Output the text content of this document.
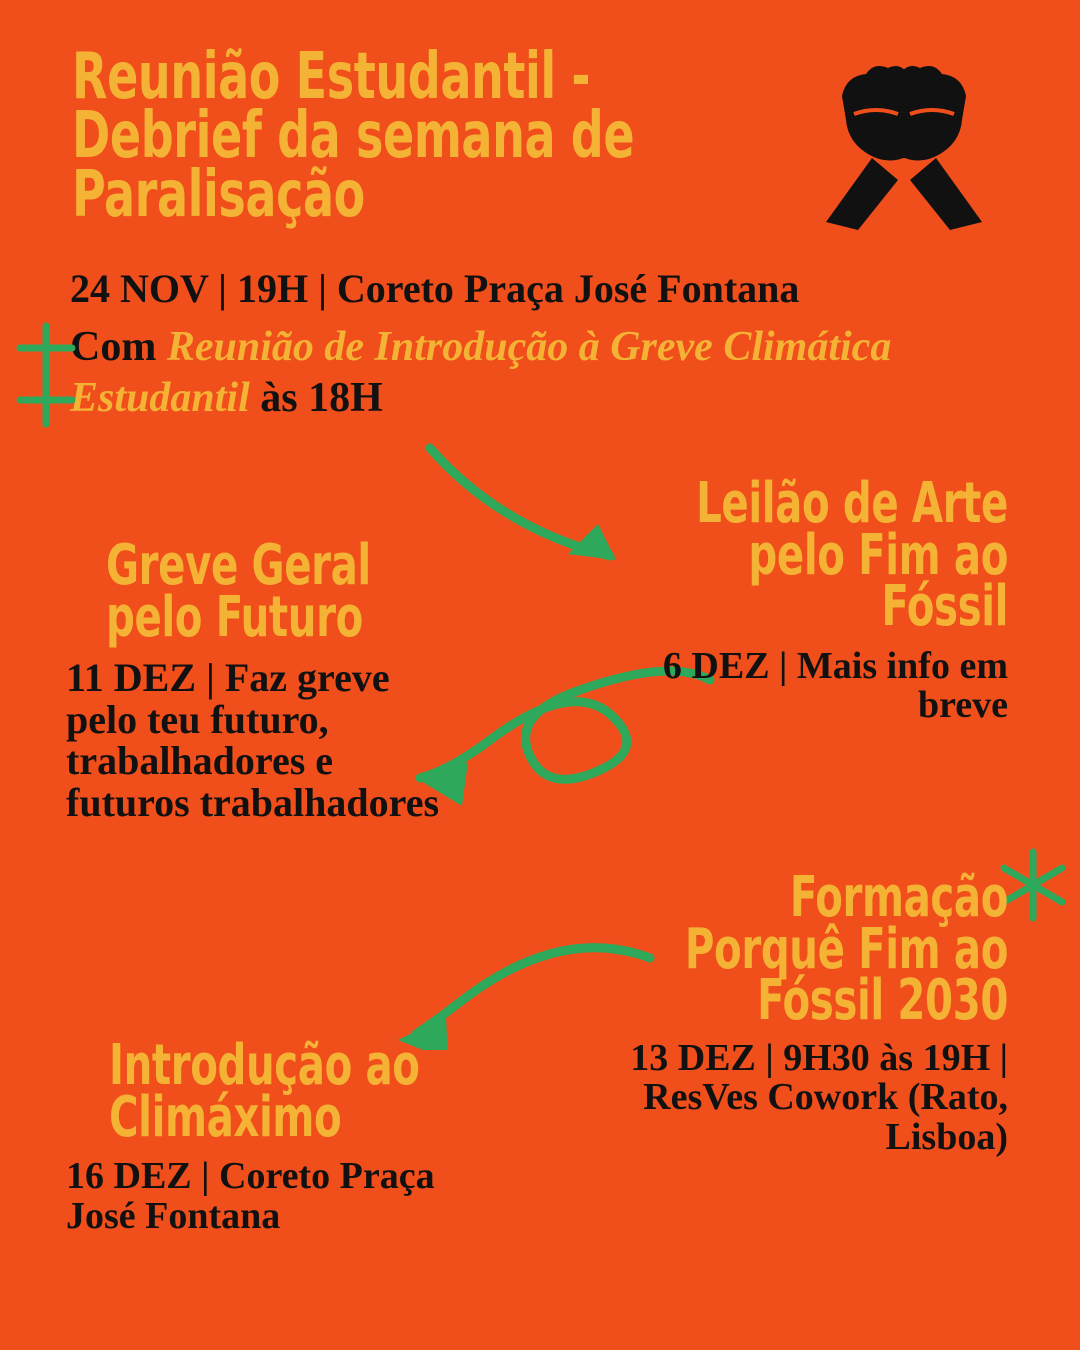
Reunião Estudantil - Debrief da semana de Paralisação
24 NOV | 19H | Coreto Praça José Fontana
Com Reunião de Introdução à Greve Climática Estudantil às 18H
Greve Geral pelo Futuro
11 DEZ | Faz greve pelo teu futuro, trabalhadores e futuros trabalhadores
Leilão de Arte pelo Fim ao Fóssil
6 DEZ | Mais info em breve
Formação Porquê Fim ao Fóssil 2030
13 DEZ | 9H30 às 19H | ResVes Cowork (Rato, Lisboa)
Introdução ao Climáximo
16 DEZ | Coreto Praça José Fontana
